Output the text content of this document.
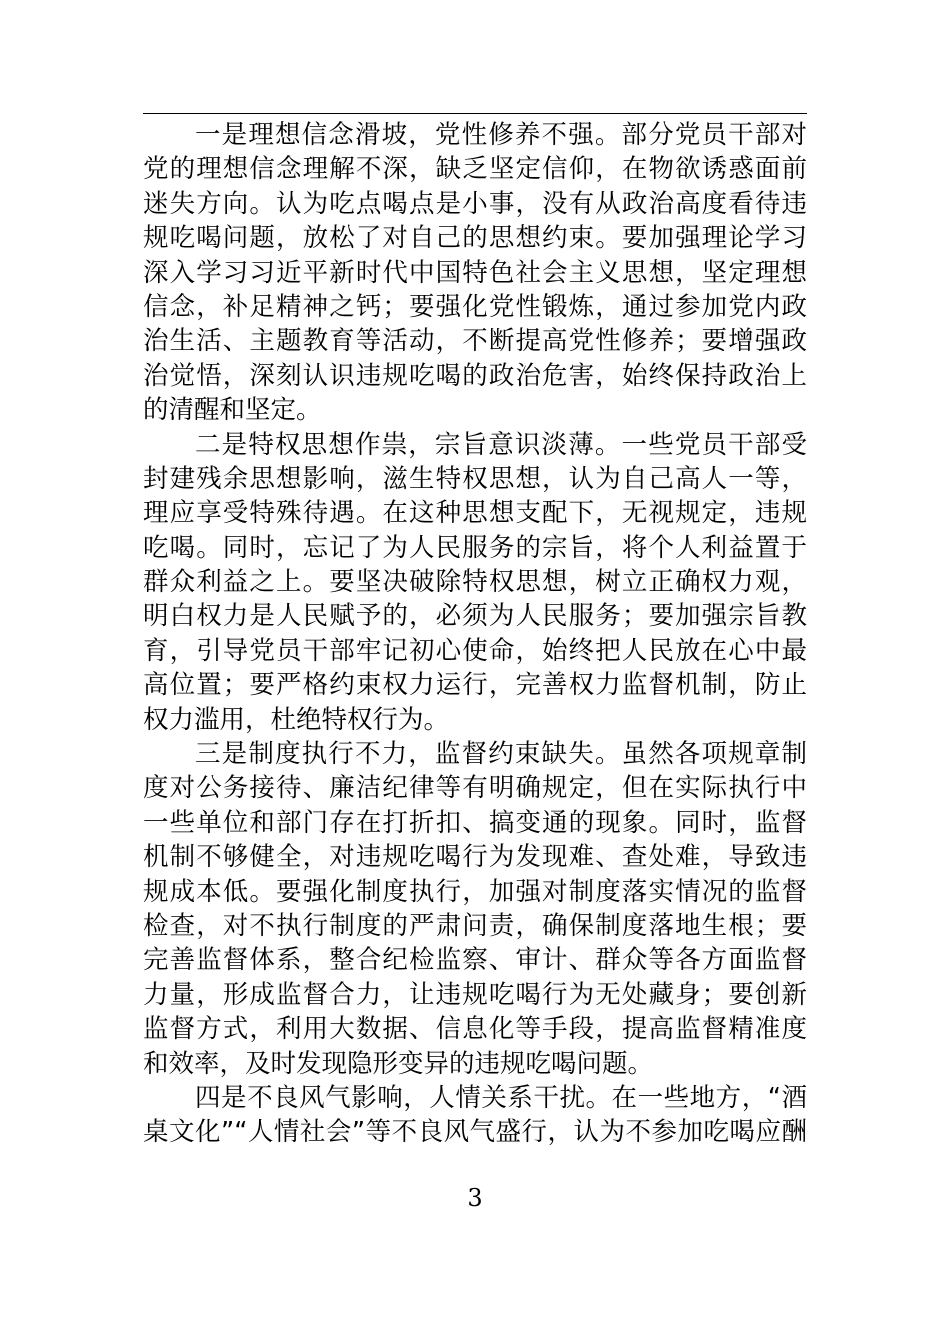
一是理想信念滑坡，党性修养不强。部分党员干部对
党的理想信念理解不深，缺乏坚定信仰，在物欲诱惑面前
迷失方向。认为吃点喝点是小事，没有从政治高度看待违
规吃喝问题，放松了对自己的思想约束。要加强理论学习
深入学习习近平新时代中国特色社会主义思想，坚定理想
信念，补足精神之钙；要强化党性锻炼，通过参加党内政
治生活、主题教育等活动，不断提高党性修养；要增强政
治觉悟，深刻认识违规吃喝的政治危害，始终保持政治上
的清醒和坚定。
二是特权思想作祟，宗旨意识淡薄。一些党员干部受
封建残余思想影响，滋生特权思想，认为自己高人一等，
理应享受特殊待遇。在这种思想支配下，无视规定，违规
吃喝。同时，忘记了为人民服务的宗旨，将个人利益置于
群众利益之上。要坚决破除特权思想，树立正确权力观，
明白权力是人民赋予的，必须为人民服务；要加强宗旨教
育，引导党员干部牢记初心使命，始终把人民放在心中最
高位置；要严格约束权力运行，完善权力监督机制，防止
权力滥用，杜绝特权行为。
三是制度执行不力，监督约束缺失。虽然各项规章制
度对公务接待、廉洁纪律等有明确规定，但在实际执行中
一些单位和部门存在打折扣、搞变通的现象。同时，监督
机制不够健全，对违规吃喝行为发现难、查处难，导致违
规成本低。要强化制度执行，加强对制度落实情况的监督
检查，对不执行制度的严肃问责，确保制度落地生根；要
完善监督体系，整合纪检监察、审计、群众等各方面监督
力量，形成监督合力，让违规吃喝行为无处藏身；要创新
监督方式，利用大数据、信息化等手段，提高监督精准度
和效率，及时发现隐形变异的违规吃喝问题。
四是不良风气影响，人情关系干扰。在一些地方，“酒
桌文化”“人情社会”等不良风气盛行，认为不参加吃喝应酬
3
